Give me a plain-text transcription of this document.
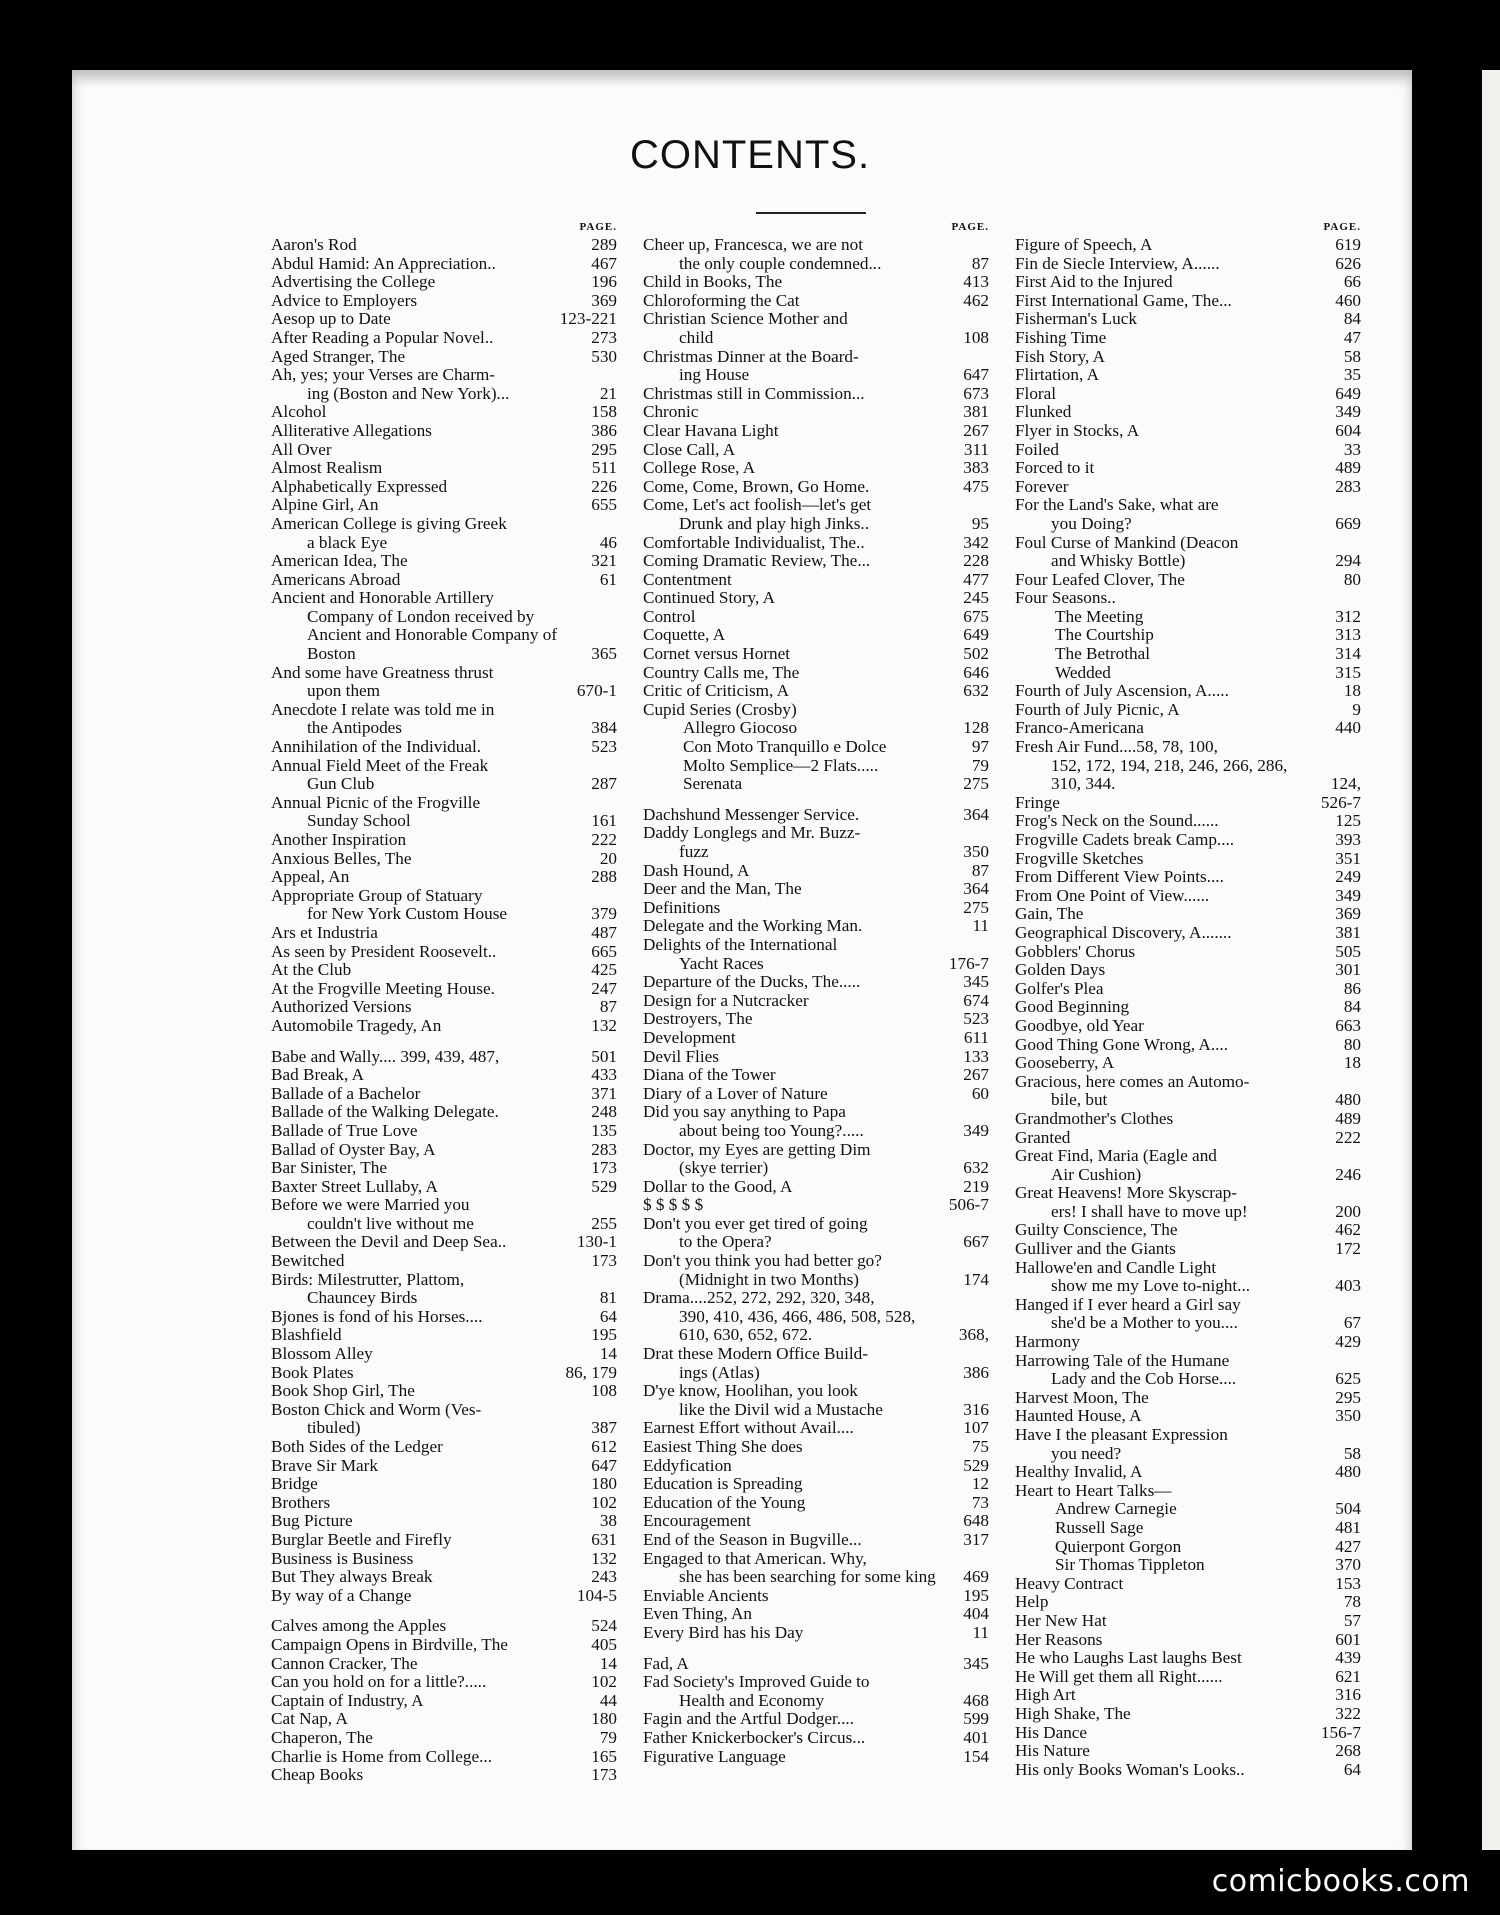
CONTENTS.
PAGE.
Aaron's Rod	289
Abdul Hamid: An Appreciation..	467
Advertising the College	196
Advice to Employers	369
Aesop up to Date	123-221
After Reading a Popular Novel..	273
Aged Stranger, The	530
Ah, yes; your Verses are Charm-
ing (Boston and New York)...	21
Alcohol	158
Alliterative Allegations	386
All Over	295
Almost Realism	511
Alphabetically Expressed	226
Alpine Girl, An	655
American College is giving Greek
a black Eye	46
American Idea, The	321
Americans Abroad	61
Ancient and Honorable Artillery
Company of London received by Ancient and Honorable Company of Boston	365
And some have Greatness thrust
upon them	670-1
Anecdote I relate was told me in
the Antipodes	384
Annihilation of the Individual.	523
Annual Field Meet of the Freak
Gun Club	287
Annual Picnic of the Frogville
Sunday School	161
Another Inspiration	222
Anxious Belles, The	20
Appeal, An	288
Appropriate Group of Statuary
for New York Custom House	379
Ars et Industria	487
As seen by President Roosevelt..	665
At the Club	425
At the Frogville Meeting House.	247
Authorized Versions	87
Automobile Tragedy, An	132
Babe and Wally.... 399, 439, 487,	501
Bad Break, A	433
Ballade of a Bachelor	371
Ballade of the Walking Delegate.	248
Ballade of True Love	135
Ballad of Oyster Bay, A	283
Bar Sinister, The	173
Baxter Street Lullaby, A	529
Before we were Married you
couldn't live without me	255
Between the Devil and Deep Sea..	130-1
Bewitched	173
Birds: Milestrutter, Plattom,
Chauncey Birds	81
Bjones is fond of his Horses....	64
Blashfield	195
Blossom Alley	14
Book Plates	86, 179
Book Shop Girl, The	108
Boston Chick and Worm (Ves-
tibuled)	387
Both Sides of the Ledger	612
Brave Sir Mark	647
Bridge	180
Brothers	102
Bug Picture	38
Burglar Beetle and Firefly	631
Business is Business	132
But They always Break	243
By way of a Change	104-5
Calves among the Apples	524
Campaign Opens in Birdville, The	405
Cannon Cracker, The	14
Can you hold on for a little?.....	102
Captain of Industry, A	44
Cat Nap, A	180
Chaperon, The	79
Charlie is Home from College...	165
Cheap Books	173
PAGE.
Cheer up, Francesca, we are not
the only couple condemned...	87
Child in Books, The	413
Chloroforming the Cat	462
Christian Science Mother and
child	108
Christmas Dinner at the Board-
ing House	647
Christmas still in Commission...	673
Chronic	381
Clear Havana Light	267
Close Call, A	311
College Rose, A	383
Come, Come, Brown, Go Home.	475
Come, Let's act foolish—let's get
Drunk and play high Jinks..	95
Comfortable Individualist, The..	342
Coming Dramatic Review, The...	228
Contentment	477
Continued Story, A	245
Control	675
Coquette, A	649
Cornet versus Hornet	502
Country Calls me, The	646
Critic of Criticism, A	632
Cupid Series (Crosby)
Allegro Giocoso	128
Con Moto Tranquillo e Dolce	97
Molto Semplice—2 Flats.....	79
Serenata	275
Dachshund Messenger Service.	364
Daddy Longlegs and Mr. Buzz-
fuzz	350
Dash Hound, A	87
Deer and the Man, The	364
Definitions	275
Delegate and the Working Man.	11
Delights of the International
Yacht Races	176-7
Departure of the Ducks, The.....	345
Design for a Nutcracker	674
Destroyers, The	523
Development	611
Devil Flies	133
Diana of the Tower	267
Diary of a Lover of Nature	60
Did you say anything to Papa
about being too Young?.....	349
Doctor, my Eyes are getting Dim
(skye terrier)	632
Dollar to the Good, A	219
$ $ $ $ $	506-7
Don't you ever get tired of going
to the Opera?	667
Don't you think you had better go?
(Midnight in two Months)	174
Drama....252, 272, 292, 320, 348,
390, 410, 436, 466, 486, 508, 528, 610, 630, 652, 672.	368,
Drat these Modern Office Build-
ings (Atlas)	386
D'ye know, Hoolihan, you look
like the Divil wid a Mustache	316
Earnest Effort without Avail....	107
Easiest Thing She does	75
Eddyfication	529
Education is Spreading	12
Education of the Young	73
Encouragement	648
End of the Season in Bugville...	317
Engaged to that American. Why,
she has been searching for some king	469
Enviable Ancients	195
Even Thing, An	404
Every Bird has his Day	11
Fad, A	345
Fad Society's Improved Guide to
Health and Economy	468
Fagin and the Artful Dodger....	599
Father Knickerbocker's Circus...	401
Figurative Language	154
PAGE.
Figure of Speech, A	619
Fin de Siecle Interview, A......	626
First Aid to the Injured	66
First International Game, The...	460
Fisherman's Luck	84
Fishing Time	47
Fish Story, A	58
Flirtation, A	35
Floral	649
Flunked	349
Flyer in Stocks, A	604
Foiled	33
Forced to it	489
Forever	283
For the Land's Sake, what are
you Doing?	669
Foul Curse of Mankind (Deacon
and Whisky Bottle)	294
Four Leafed Clover, The	80
Four Seasons..
The Meeting	312
The Courtship	313
The Betrothal	314
Wedded	315
Fourth of July Ascension, A.....	18
Fourth of July Picnic, A	9
Franco-Americana	440
Fresh Air Fund....58, 78, 100,
152, 172, 194, 218, 246, 266, 286, 310, 344.	124,
Fringe	526-7
Frog's Neck on the Sound......	125
Frogville Cadets break Camp....	393
Frogville Sketches	351
From Different View Points....	249
From One Point of View......	349
Gain, The	369
Geographical Discovery, A.......	381
Gobblers' Chorus	505
Golden Days	301
Golfer's Plea	86
Good Beginning	84
Goodbye, old Year	663
Good Thing Gone Wrong, A....	80
Gooseberry, A	18
Gracious, here comes an Automo-
bile, but	480
Grandmother's Clothes	489
Granted	222
Great Find, Maria (Eagle and
Air Cushion)	246
Great Heavens! More Skyscrap-
ers! I shall have to move up!	200
Guilty Conscience, The	462
Gulliver and the Giants	172
Hallowe'en and Candle Light
show me my Love to-night...	403
Hanged if I ever heard a Girl say
she'd be a Mother to you....	67
Harmony	429
Harrowing Tale of the Humane
Lady and the Cob Horse....	625
Harvest Moon, The	295
Haunted House, A	350
Have I the pleasant Expression
you need?	58
Healthy Invalid, A	480
Heart to Heart Talks—
Andrew Carnegie	504
Russell Sage	481
Quierpont Gorgon	427
Sir Thomas Tippleton	370
Heavy Contract	153
Help	78
Her New Hat	57
Her Reasons	601
He who Laughs Last laughs Best	439
He Will get them all Right......	621
High Art	316
High Shake, The	322
His Dance	156-7
His Nature	268
His only Books Woman's Looks..	64
comicbooks.com
